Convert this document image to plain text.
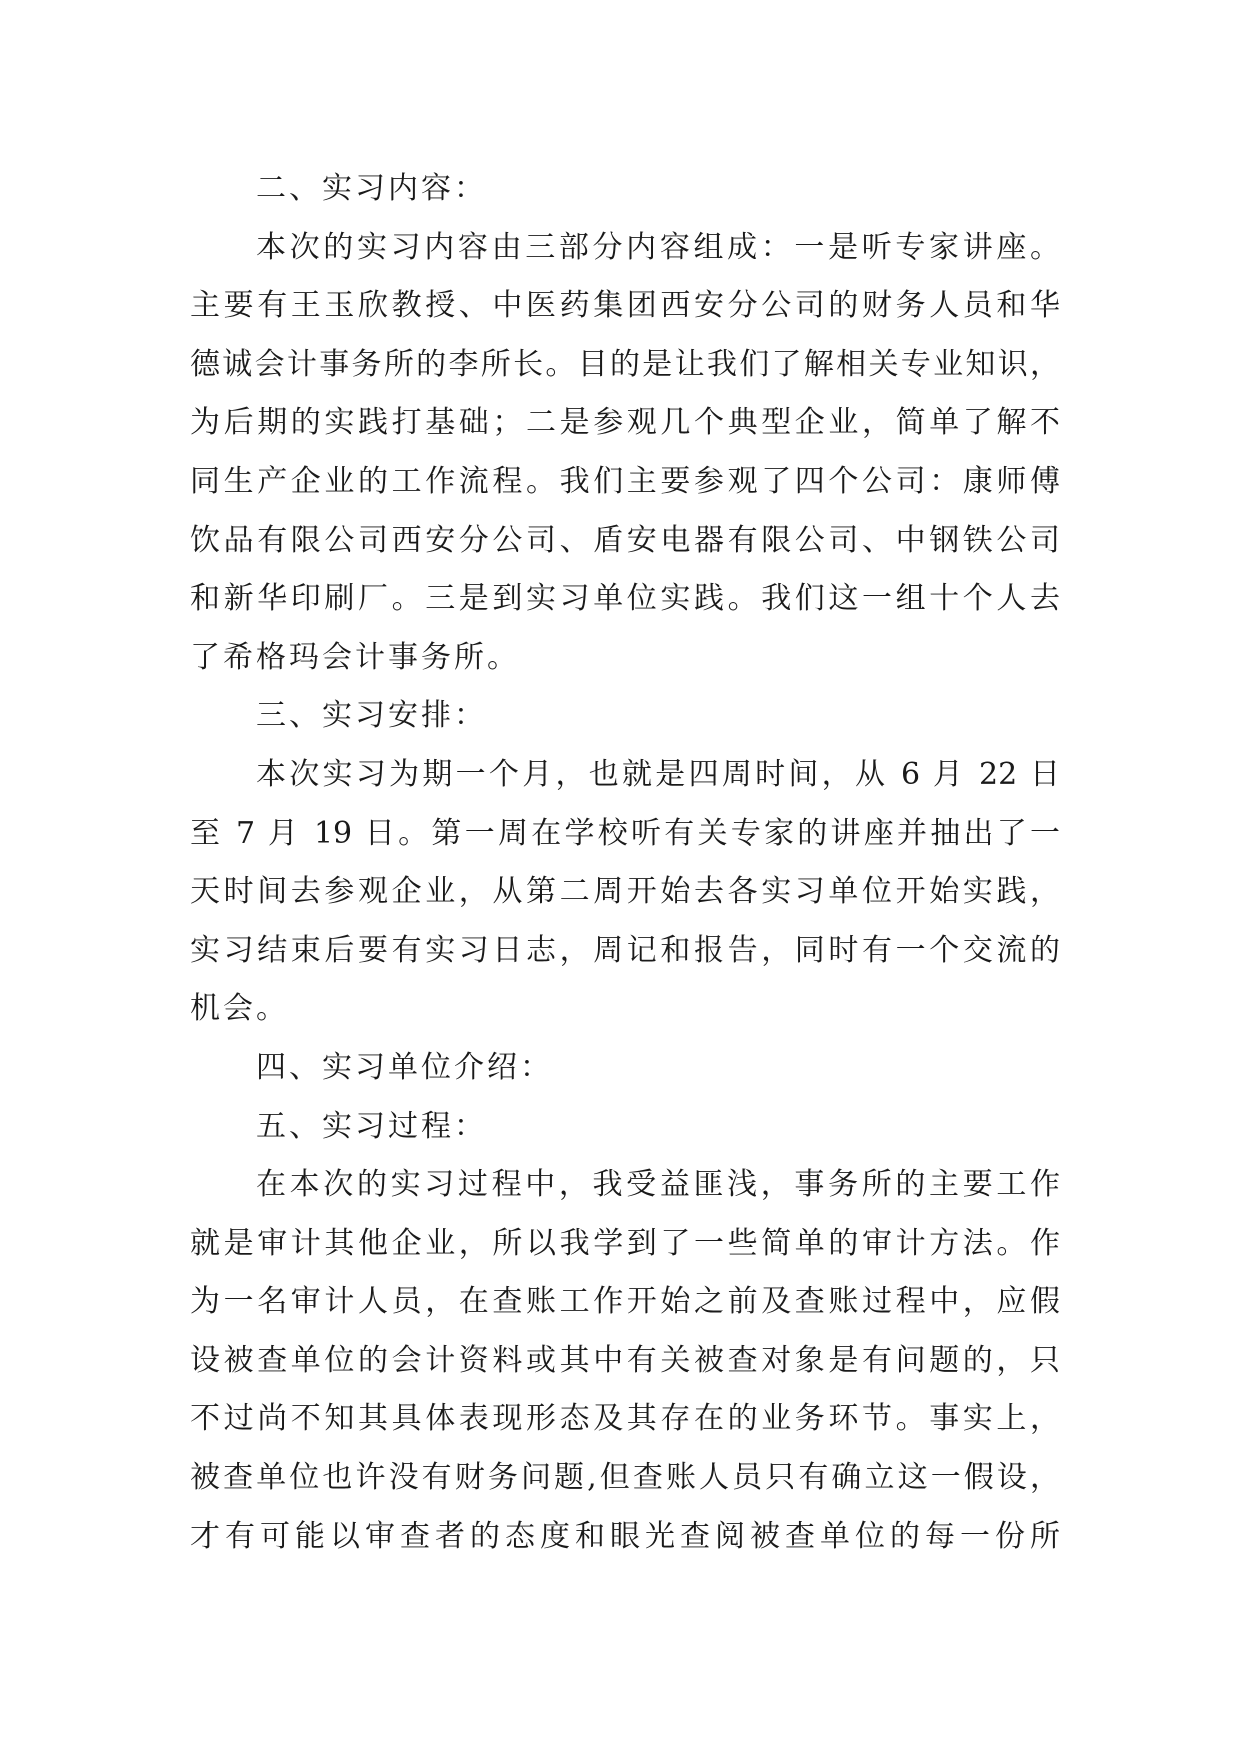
二、实习内容：
本次的实习内容由三部分内容组成：一是听专家讲座。
主要有王玉欣教授、中医药集团西安分公司的财务人员和华
德诚会计事务所的李所长。目的是让我们了解相关专业知识，
为后期的实践打基础；二是参观几个典型企业，简单了解不
同生产企业的工作流程。我们主要参观了四个公司：康师傅
饮品有限公司西安分公司、盾安电器有限公司、中钢铁公司
和新华印刷厂。三是到实习单位实践。我们这一组十个人去
了希格玛会计事务所。
三、实习安排：
本次实习为期一个月，也就是四周时间，从 6 月 22 日
至 7 月 19 日。第一周在学校听有关专家的讲座并抽出了一
天时间去参观企业，从第二周开始去各实习单位开始实践，
实习结束后要有实习日志，周记和报告，同时有一个交流的
机会。
四、实习单位介绍：
五、实习过程：
在本次的实习过程中，我受益匪浅，事务所的主要工作
就是审计其他企业，所以我学到了一些简单的审计方法。作
为一名审计人员，在查账工作开始之前及查账过程中，应假
设被查单位的会计资料或其中有关被查对象是有问题的，只
不过尚不知其具体表现形态及其存在的业务环节。事实上，
被查单位也许没有财务问题,但查账人员只有确立这一假设，
才有可能以审查者的态度和眼光查阅被查单位的每一份所
